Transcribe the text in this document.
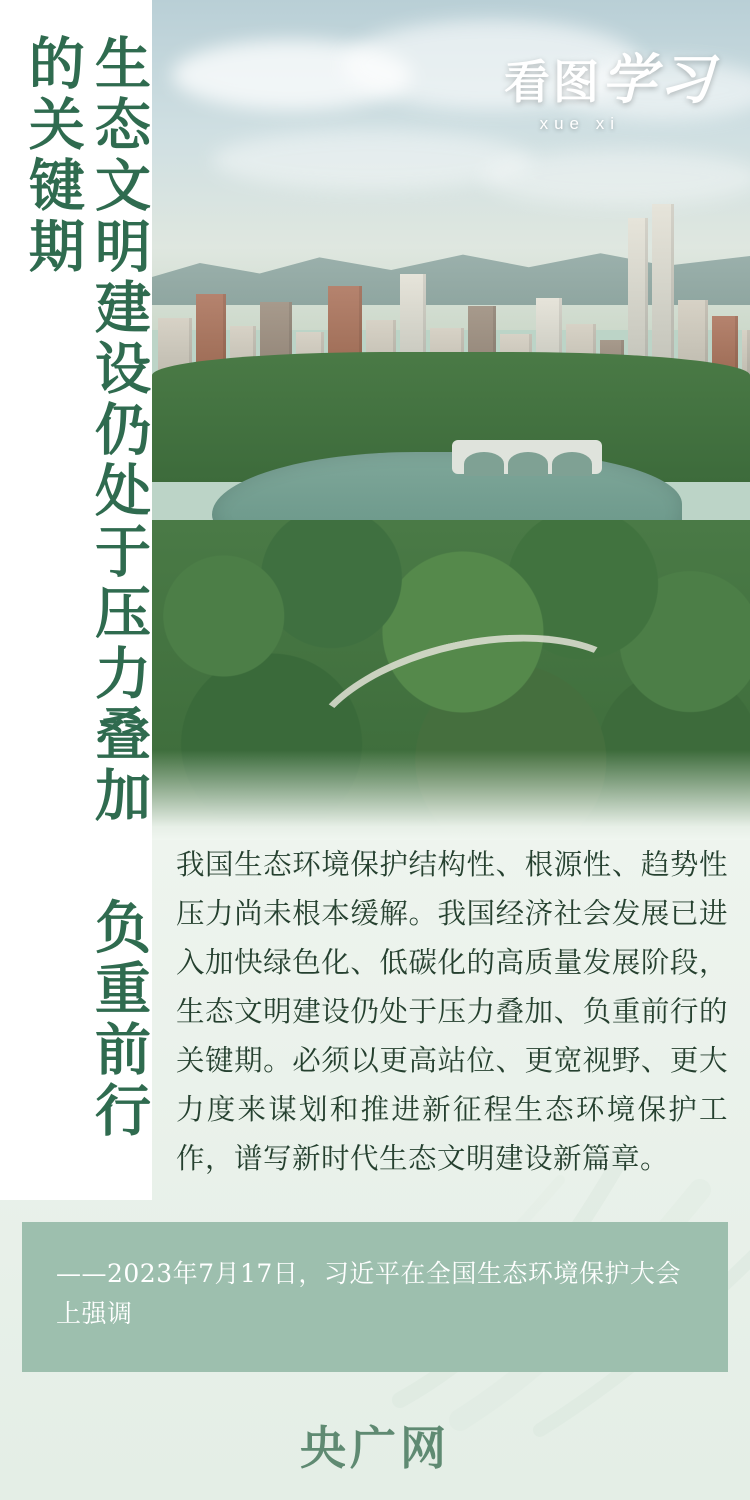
看图学习
xue xi
生态文明建设仍处于压力叠加 负重前行的关键期
我国生态环境保护结构性、根源性、趋势性压力尚未根本缓解。我国经济社会发展已进入加快绿色化、低碳化的高质量发展阶段，生态文明建设仍处于压力叠加、负重前行的关键期。必须以更高站位、更宽视野、更大力度来谋划和推进新征程生态环境保护工作，谱写新时代生态文明建设新篇章。
——2023年7月17日，习近平在全国生态环境保护大会上强调
央广网
